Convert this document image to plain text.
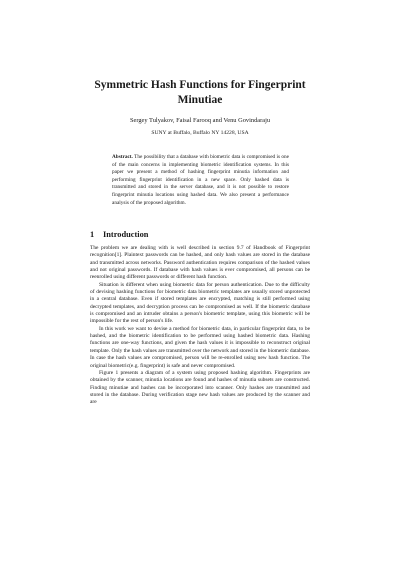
Symmetric Hash Functions for Fingerprint
Minutiae
Sergey Tulyakov, Faisal Farooq and Venu Govindaraju
SUNY at Buffalo, Buffalo NY 14228, USA
Abstract. The possibility that a database with biometric data is compromised is one of the main concerns in implementing biometric identification systems. In this paper we present a method of hashing fingerprint minutia information and performing fingerprint identification in a new space. Only hashed data is transmitted and stored in the server database, and it is not possible to restore fingerprint minutia locations using hashed data. We also present a performance analysis of the proposed algorithm.
1 Introduction

The problem we are dealing with is well described in section 9.7 of Handbook of Fingerprint recognition[1]. Plaintext passwords can be hashed, and only hash values are stored in the database and transmitted across networks. Password authentication requires comparison of the hashed values and not original passwords. If database with hash values is ever compromised, all persons can be reenrolled using different passwords or different hash function.

Situation is different when using biometric data for person authentication. Due to the difficulty of devising hashing functions for biometric data biometric templates are usually stored unprotected in a central database. Even if stored templates are encrypted, matching is still performed using decrypted templates, and decryption process can be compromised as well. If the biometric database is compromised and an intruder obtains a person's biometric template, using this biometric will be impossible for the rest of person's life.

In this work we want to devise a method for biometric data, in particular fingerprint data, to be hashed, and the biometric identification to be performed using hashed biometric data. Hashing functions are one-way functions, and given the hash values it is impossible to reconstruct original template. Only the hash values are transmitted over the network and stored in the biometric database. In case the hash values are compromised, person will be re-enrolled using new hash function. The original biometric(e.g. fingerprint) is safe and never compromised.

Figure 1 presents a diagram of a system using proposed hashing algorithm. Fingerprints are obtained by the scanner, minutia locations are found and hashes of minutia subsets are constructed. Finding minutiae and hashes can be incorporated into scanner. Only hashes are transmitted and stored in the database. During verification stage new hash values are produced by the scanner and are
